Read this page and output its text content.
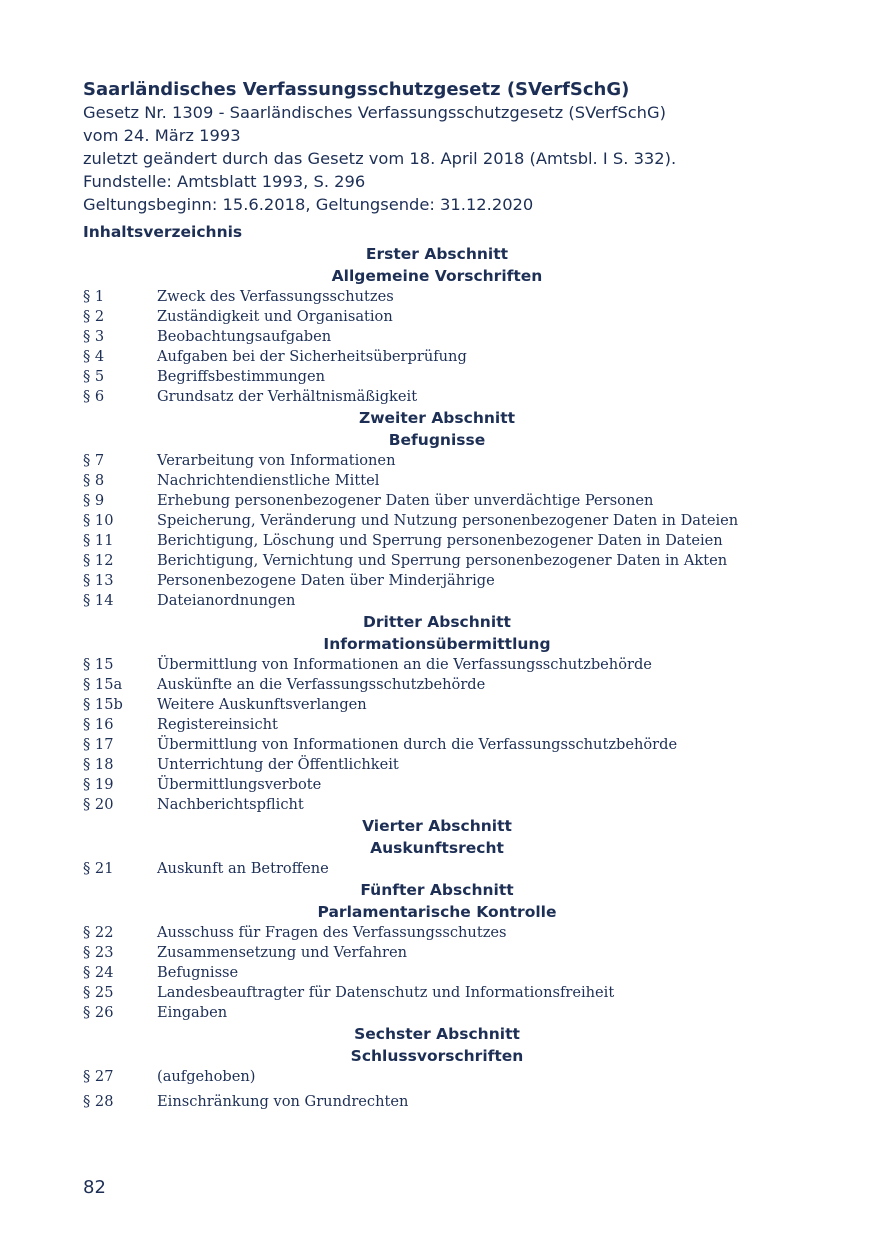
Saarländisches Verfassungsschutzgesetz (SVerfSchG)

Gesetz Nr. 1309 - Saarländisches Verfassungsschutzgesetz (SVerfSchG)

vom 24. März 1993

zuletzt geändert durch das Gesetz vom 18. April 2018 (Amtsbl. I S. 332).

Fundstelle: Amtsblatt 1993, S. 296

Geltungsbeginn: 15.6.2018, Geltungsende: 31.12.2020

Inhaltsverzeichnis
Erster Abschnitt
Allgemeine Vorschriften
§ 1	Zweck des Verfassungsschutzes
§ 2	Zuständigkeit und Organisation
§ 3	Beobachtungsaufgaben
§ 4	Aufgaben bei der Sicherheitsüberprüfung
§ 5	Begriffsbestimmungen
§ 6	Grundsatz der Verhältnismäßigkeit
Zweiter Abschnitt
Befugnisse
§ 7	Verarbeitung von Informationen
§ 8	Nachrichtendienstliche Mittel
§ 9	Erhebung personenbezogener Daten über unverdächtige Personen
§ 10	Speicherung, Veränderung und Nutzung personenbezogener Daten in Dateien
§ 11	Berichtigung, Löschung und Sperrung personenbezogener Daten in Dateien
§ 12	Berichtigung, Vernichtung und Sperrung personenbezogener Daten in Akten
§ 13	Personenbezogene Daten über Minderjährige
§ 14	Dateianordnungen
Dritter Abschnitt
Informationsübermittlung
§ 15	Übermittlung von Informationen an die Verfassungsschutzbehörde
§ 15a	Auskünfte an die Verfassungsschutzbehörde
§ 15b	Weitere Auskunftsverlangen
§ 16	Registereinsicht
§ 17	Übermittlung von Informationen durch die Verfassungsschutzbehörde
§ 18	Unterrichtung der Öffentlichkeit
§ 19	Übermittlungsverbote
§ 20	Nachberichtspflicht
Vierter Abschnitt
Auskunftsrecht
§ 21	Auskunft an Betroffene
Fünfter Abschnitt
Parlamentarische Kontrolle
§ 22	Ausschuss für Fragen des Verfassungsschutzes
§ 23	Zusammensetzung und Verfahren
§ 24	Befugnisse
§ 25	Landesbeauftragter für Datenschutz und Informationsfreiheit
§ 26	Eingaben
Sechster Abschnitt
Schlussvorschriften
§ 27	(aufgehoben)
§ 28	Einschränkung von Grundrechten
82
